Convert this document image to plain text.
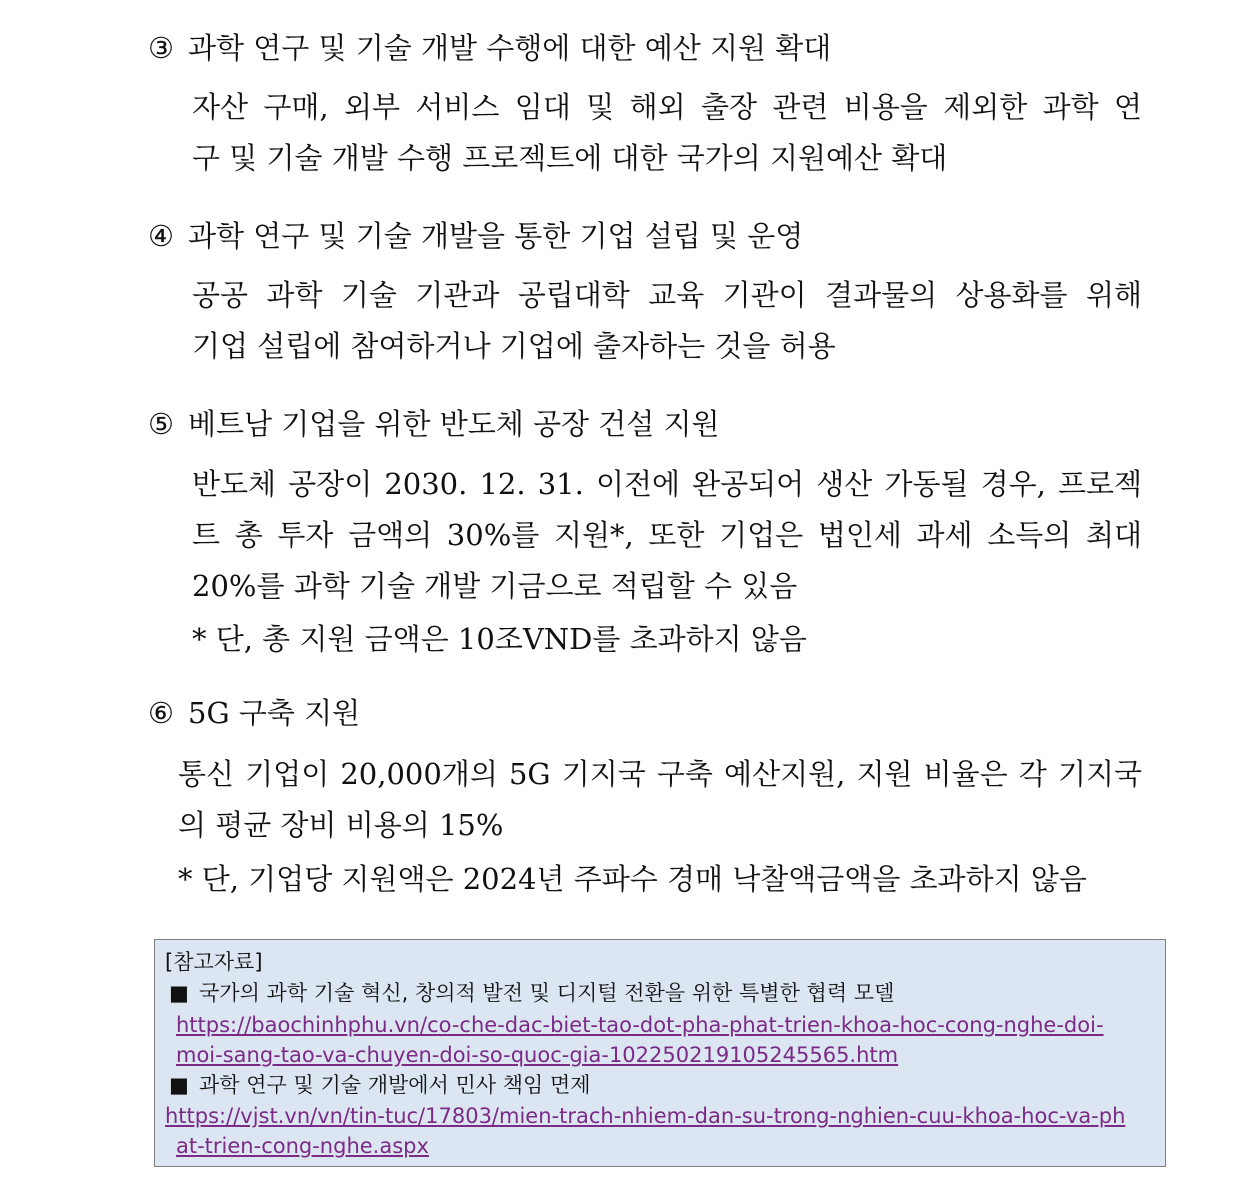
③ 과학 연구 및 기술 개발 수행에 대한 예산 지원 확대
자산 구매, 외부 서비스 임대 및 해외 출장 관련 비용을 제외한 과학 연
구 및 기술 개발 수행 프로젝트에 대한 국가의 지원예산 확대
④ 과학 연구 및 기술 개발을 통한 기업 설립 및 운영
공공 과학 기술 기관과 공립대학 교육 기관이 결과물의 상용화를 위해
기업 설립에 참여하거나 기업에 출자하는 것을 허용
⑤ 베트남 기업을 위한 반도체 공장 건설 지원
반도체 공장이 2030. 12. 31. 이전에 완공되어 생산 가동될 경우, 프로젝
트 총 투자 금액의 30%를 지원*, 또한 기업은 법인세 과세 소득의 최대
20%를 과학 기술 개발 기금으로 적립할 수 있음
* 단, 총 지원 금액은 10조VND를 초과하지 않음
⑥ 5G 구축 지원
통신 기업이 20,000개의 5G 기지국 구축 예산지원, 지원 비율은 각 기지국
의 평균 장비 비용의 15%
* 단, 기업당 지원액은 2024년 주파수 경매 낙찰액금액을 초과하지 않음
[참고자료]
■ 국가의 과학 기술 혁신, 창의적 발전 및 디지털 전환을 위한 특별한 협력 모델
https://baochinhphu.vn/co-che-dac-biet-tao-dot-pha-phat-trien-khoa-hoc-cong-nghe-doi-
moi-sang-tao-va-chuyen-doi-so-quoc-gia-102250219105245565.htm
■ 과학 연구 및 기술 개발에서 민사 책임 면제
https://vjst.vn/vn/tin-tuc/17803/mien-trach-nhiem-dan-su-trong-nghien-cuu-khoa-hoc-va-ph
at-trien-cong-nghe.aspx
